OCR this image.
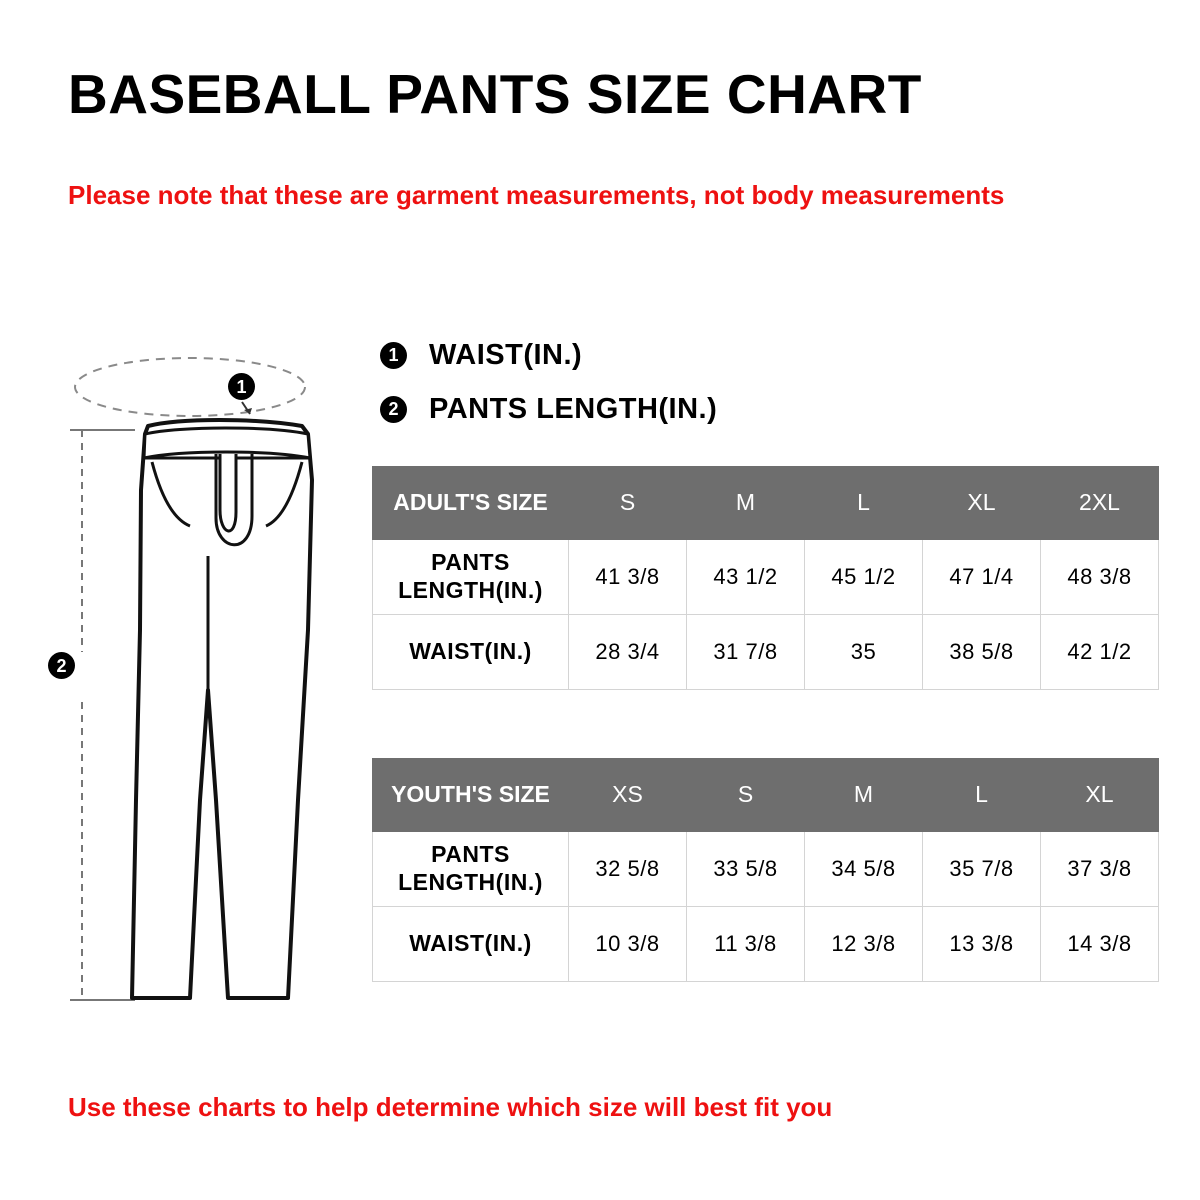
BASEBALL PANTS SIZE CHART
Please note that these are garment measurements, not body measurements
1 WAIST(IN.)
2 PANTS LENGTH(IN.)
1
2
ADULT'S SIZE	S	M	L	XL	2XL
PANTS LENGTH(IN.)	41 3/8	43 1/2	45 1/2	47 1/4	48 3/8
WAIST(IN.)	28 3/4	31 7/8	35	38 5/8	42 1/2
YOUTH'S SIZE	XS	S	M	L	XL
PANTS LENGTH(IN.)	32 5/8	33 5/8	34 5/8	35 7/8	37 3/8
WAIST(IN.)	10 3/8	11 3/8	12 3/8	13 3/8	14 3/8
Use these charts to help determine which size will best fit you
